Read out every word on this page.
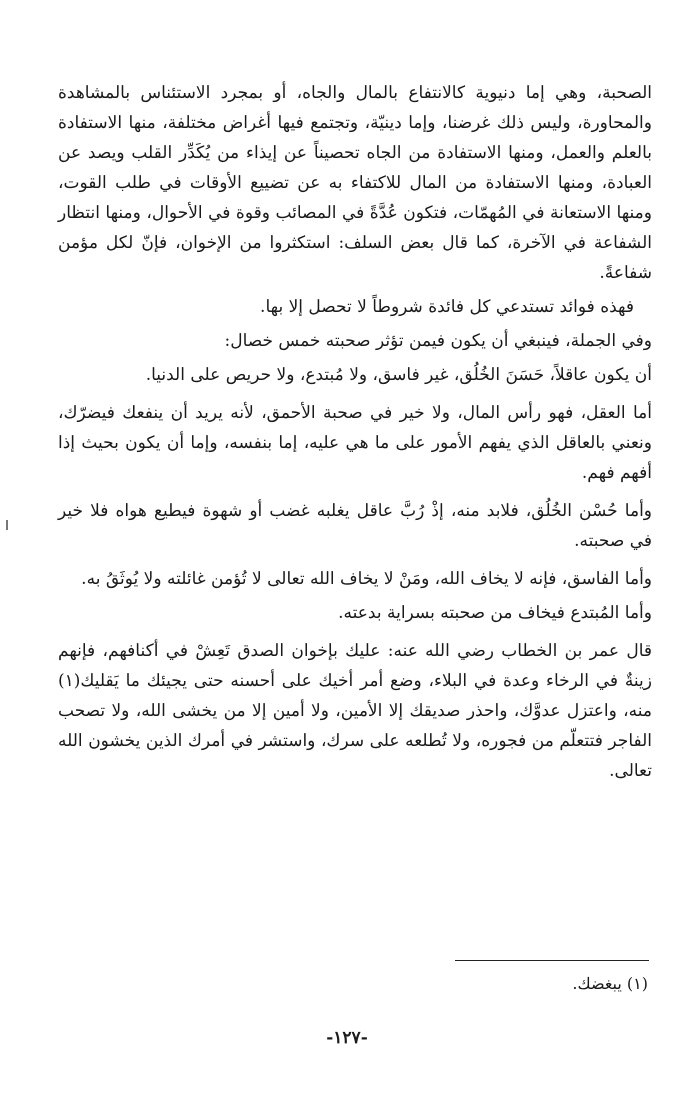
الصحبة، وهي إما دنيوية كالانتفاع بالمال والجاه، أو بمجرد الاستئناس بالمشاهدة والمحاورة، وليس ذلك غرضنا، وإما دينيّة، وتجتمع فيها أغراض مختلفة، منها الاستفادة بالعلم والعمل، ومنها الاستفادة من الجاه تحصيناً عن إيذاء من يُكَدِّر القلب ويصد عن العبادة، ومنها الاستفادة من المال للاكتفاء به عن تضييع الأوقات في طلب القوت، ومنها الاستعانة في المُهمّات، فتكون عُدَّةً في المصائب وقوة في الأحوال، ومنها انتظار الشفاعة في الآخرة، كما قال بعض السلف: استكثروا من الإخوان، فإنّ لكل مؤمن شفاعةً.

فهذه فوائد تستدعي كل فائدة شروطاً لا تحصل إلا بها.

وفي الجملة، فينبغي أن يكون فيمن تؤثر صحبته خمس خصال:

أن يكون عاقلاً، حَسَنَ الخُلُق، غير فاسق، ولا مُبتدع، ولا حريص على الدنيا.

أما العقل، فهو رأس المال، ولا خير في صحبة الأحمق، لأنه يريد أن ينفعك فيضرّك، ونعني بالعاقل الذي يفهم الأمور على ما هي عليه، إما بنفسه، وإما أن يكون بحيث إذا أفهم فهم.

وأما حُسْن الخُلُق، فلابد منه، إذْ رُبَّ عاقل يغلبه غضب أو شهوة فيطيع هواه فلا خير في صحبته.

وأما الفاسق، فإنه لا يخاف الله، ومَنْ لا يخاف الله تعالى لا تُؤمن غائلته ولا يُوثَقُ به.

وأما المُبتدع فيخاف من صحبته بسراية بدعته.

قال عمر بن الخطاب رضي الله عنه: عليك بإخوان الصدق تَعِشْ في أكنافهم، فإنهم زينةٌ في الرخاء وعدة في البلاء، وضع أمر أخيك على أحسنه حتى يجيئك ما يَقليك(١) منه، واعتزل عدوَّك، واحذر صديقك إلا الأمين، ولا أمين إلا من يخشى الله، ولا تصحب الفاجر فتتعلّم من فجوره، ولا تُطلعه على سرك، واستشر في أمرك الذين يخشون الله تعالى.

(١) يبغضك.
-١٢٧-
